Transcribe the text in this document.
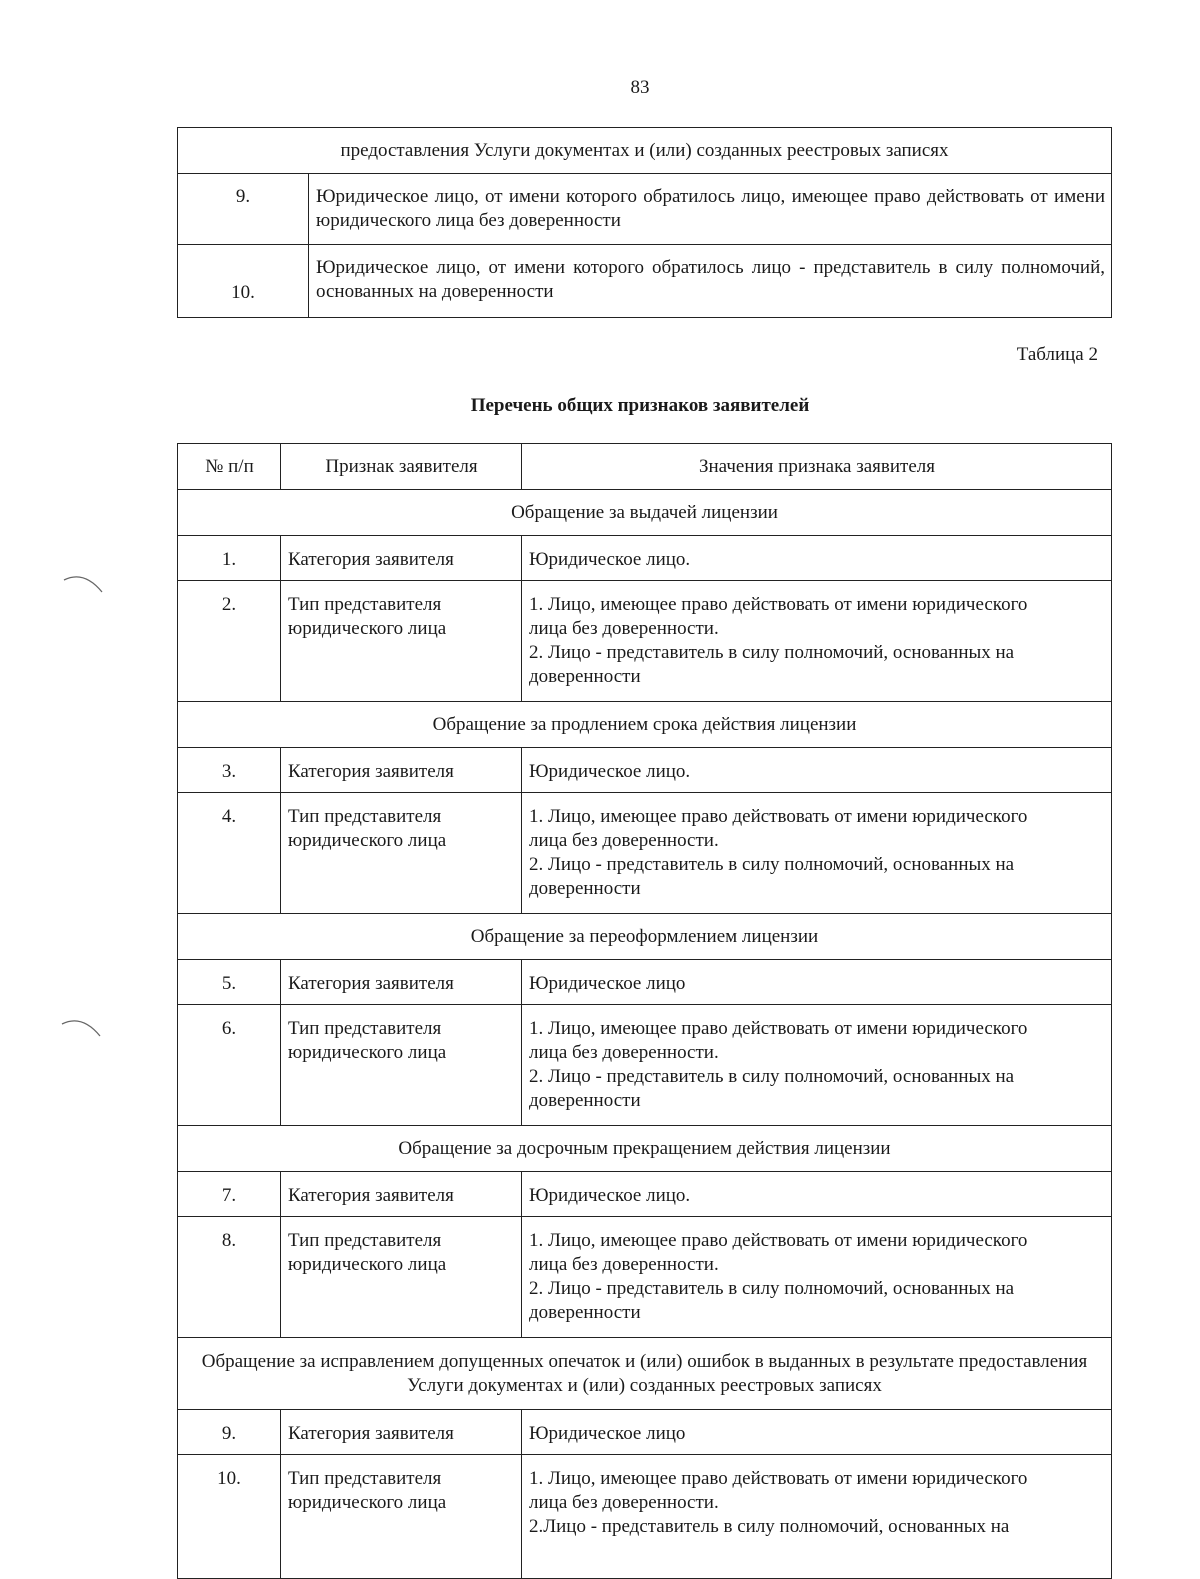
83
предоставления Услуги документах и (или) созданных реестровых записях	
9.	Юридическое лицо, от имени которого обратилось лицо, имеющее право действовать от имени юридического лица без доверенности
10.	Юридическое лицо, от имени которого обратилось лицо - представитель в силу полномочий, основанных на доверенности
Таблица 2
Перечень общих признаков заявителей
№ п/п	Признак заявителя	Значения признака заявителя
Обращение за выдачей лицензии		
1.	Категория заявителя	Юридическое лицо.
2.	Тип представителя юридического лица	1. Лицо, имеющее право действовать от имени юридического
лица без доверенности.
2. Лицо - представитель в силу полномочий, основанных на
доверенности

Обращение за продлением срока действия лицензии		
3.	Категория заявителя	Юридическое лицо.
4.	Тип представителя юридического лица	1. Лицо, имеющее право действовать от имени юридического
лица без доверенности.
2. Лицо - представитель в силу полномочий, основанных на
доверенности

Обращение за переоформлением лицензии		
5.	Категория заявителя	Юридическое лицо
6.	Тип представителя юридического лица	1. Лицо, имеющее право действовать от имени юридического
лица без доверенности.
2. Лицо - представитель в силу полномочий, основанных на
доверенности

Обращение за досрочным прекращением действия лицензии		
7.	Категория заявителя	Юридическое лицо.
8.	Тип представителя юридического лица	1. Лицо, имеющее право действовать от имени юридического
лица без доверенности.
2. Лицо - представитель в силу полномочий, основанных на
доверенности

Обращение за исправлением допущенных опечаток и (или) ошибок в выданных в результате предоставления Услуги документах и (или) созданных реестровых записях		
9.	Категория заявителя	Юридическое лицо
10.	Тип представителя юридического лица	1. Лицо, имеющее право действовать от имени юридического
лица без доверенности.
2.Лицо - представитель в силу полномочий, основанных на
